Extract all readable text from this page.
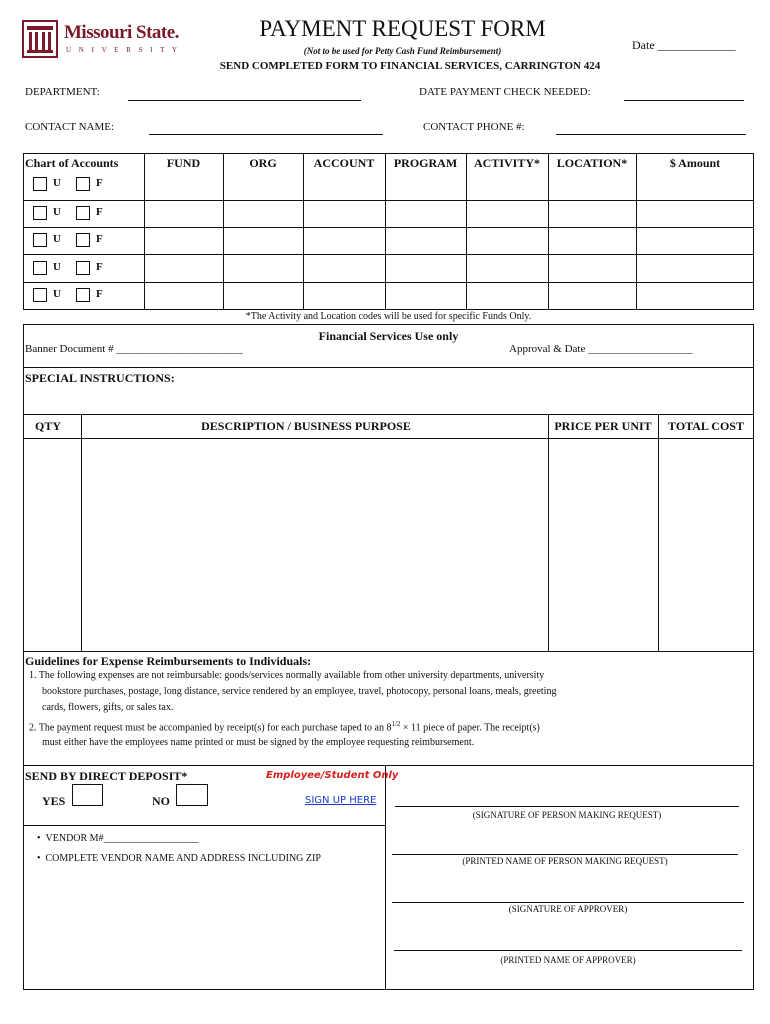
Missouri State.
U N I V E R S I T Y
PAYMENT REQUEST FORM
(Not to be used for Petty Cash Fund Reimbursement)
SEND COMPLETED FORM TO FINANCIAL SERVICES, CARRINGTON 424
Date _____________
DEPARTMENT:	DATE PAYMENT CHECK NEEDED:
CONTACT NAME:	CONTACT PHONE #:
Chart of Accounts	FUND	ORG	ACCOUNT	PROGRAM	ACTIVITY*	LOCATION*	$ Amount
U	F
U	F
U	F
U	F
U	F
*The Activity and Location codes will be used for specific Funds Only.
Financial Services Use only
Banner Document # _______________________	Approval & Date ___________________
SPECIAL INSTRUCTIONS:
QTY	DESCRIPTION / BUSINESS PURPOSE	PRICE PER UNIT	TOTAL COST
Guidelines for Expense Reimbursements to Individuals:
1. The following expenses are not reimbursable: goods/services normally available from other university departments, university
bookstore purchases, postage, long distance, service rendered by an employee, travel, photocopy, personal loans, meals, greeting
cards, flowers, gifts, or sales tax.
2. The payment request must be accompanied by receipt(s) for each purchase taped to an $8^{1/2} \times 11$ piece of paper. The receipt(s)
must either have the employees name printed or must be signed by the employee requesting reimbursement.
SEND BY DIRECT DEPOSIT*	Employee/Student Only
YES	NO	SIGN UP HERE
•  VENDOR M#___________________
•  COMPLETE VENDOR NAME AND ADDRESS INCLUDING ZIP
(SIGNATURE OF PERSON MAKING REQUEST)
(PRINTED NAME OF PERSON MAKING REQUEST)
(SIGNATURE OF APPROVER)
(PRINTED NAME OF APPROVER)
